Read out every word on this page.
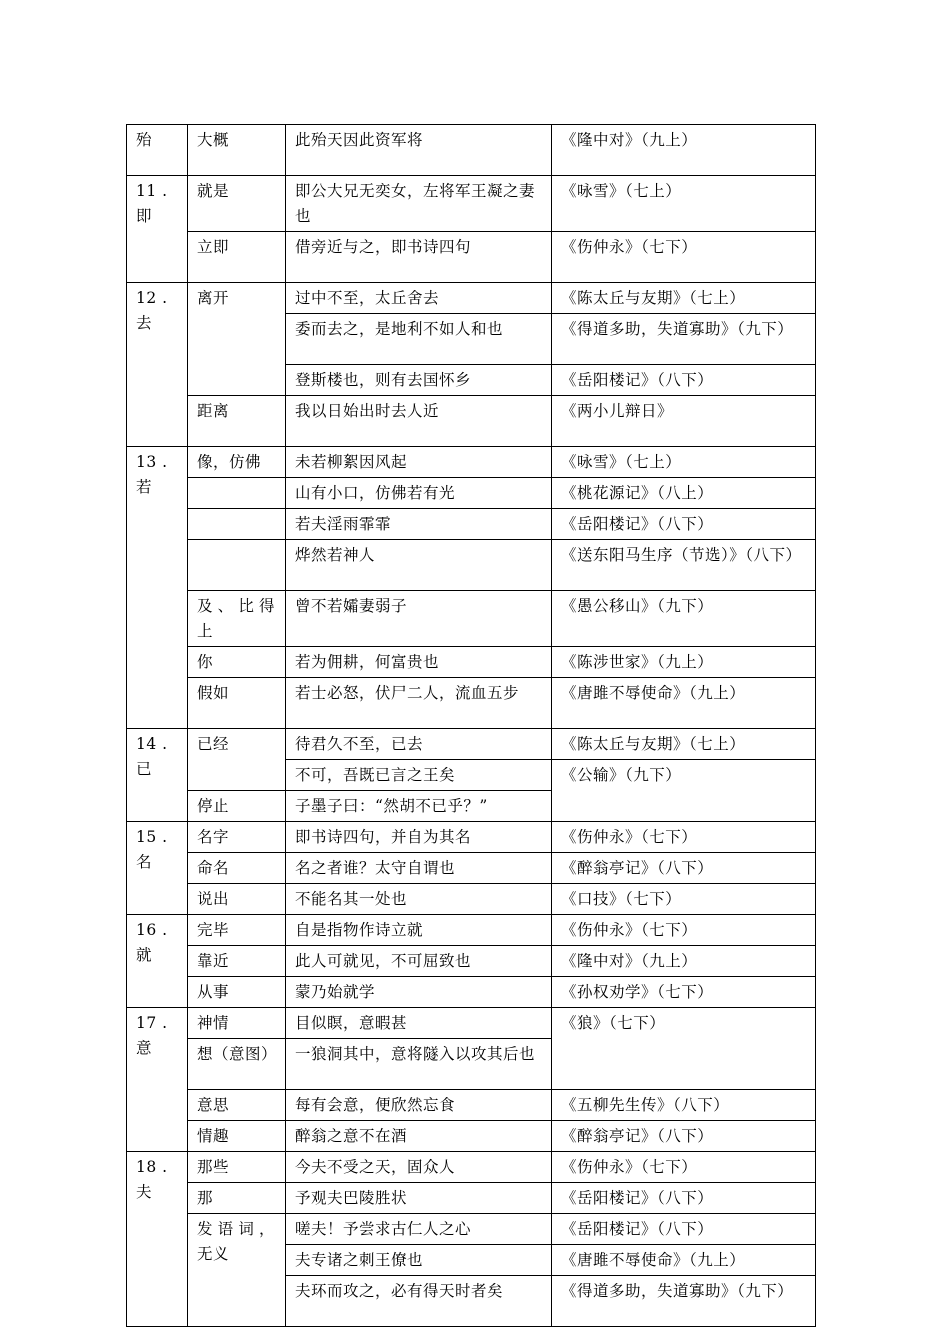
殆	大概	此殆天因此资军将	《隆中对》（九上）
11 . 即	就是	即公大兄无奕女，左将军王凝之妻也	《咏雪》（七上）
	立即	借旁近与之，即书诗四句	《伤仲永》（七下）
12 . 去	离开	过中不至，太丘舍去	《陈太丘与友期》（七上）
		委而去之，是地利不如人和也	《得道多助，失道寡助》（九下）
		登斯楼也，则有去国怀乡	《岳阳楼记》（八下）
	距离	我以日始出时去人近	《两小儿辩日》
13 . 若	像，仿佛	未若柳絮因风起	《咏雪》（七上）
		山有小口，仿佛若有光	《桃花源记》（八上）
		若夫淫雨霏霏	《岳阳楼记》（八下）
		烨然若神人	《送东阳马生序（节选）》（八下）
	及、比得上	曾不若孀妻弱子	《愚公移山》（九下）
	你	若为佣耕，何富贵也	《陈涉世家》（九上）
	假如	若士必怒，伏尸二人，流血五步	《唐雎不辱使命》（九上）
14 . 已	已经	待君久不至，已去	《陈太丘与友期》（七上）
		不可，吾既已言之王矣	《公输》（九下）
	停止	子墨子曰：“然胡不已乎？”	
15 . 名	名字	即书诗四句，并自为其名	《伤仲永》（七下）
	命名	名之者谁？太守自谓也	《醉翁亭记》（八下）
	说出	不能名其一处也	《口技》（七下）
16 . 就	完毕	自是指物作诗立就	《伤仲永》（七下）
	靠近	此人可就见，不可屈致也	《隆中对》（九上）
	从事	蒙乃始就学	《孙权劝学》（七下）
17 . 意	神情	目似瞑，意暇甚	《狼》（七下）
	想（意图）	一狼洞其中，意将隧入以攻其后也	
	意思	每有会意，便欣然忘食	《五柳先生传》（八下）
	情趣	醉翁之意不在酒	《醉翁亭记》（八下）
18 . 夫	那些	今夫不受之天，固众人	《伤仲永》（七下）
	那	予观夫巴陵胜状	《岳阳楼记》（八下）
	发语词，无义	嗟夫！予尝求古仁人之心	《岳阳楼记》（八下）
		夫专诸之刺王僚也	《唐雎不辱使命》（九上）
		夫环而攻之，必有得天时者矣	《得道多助，失道寡助》（九下）
